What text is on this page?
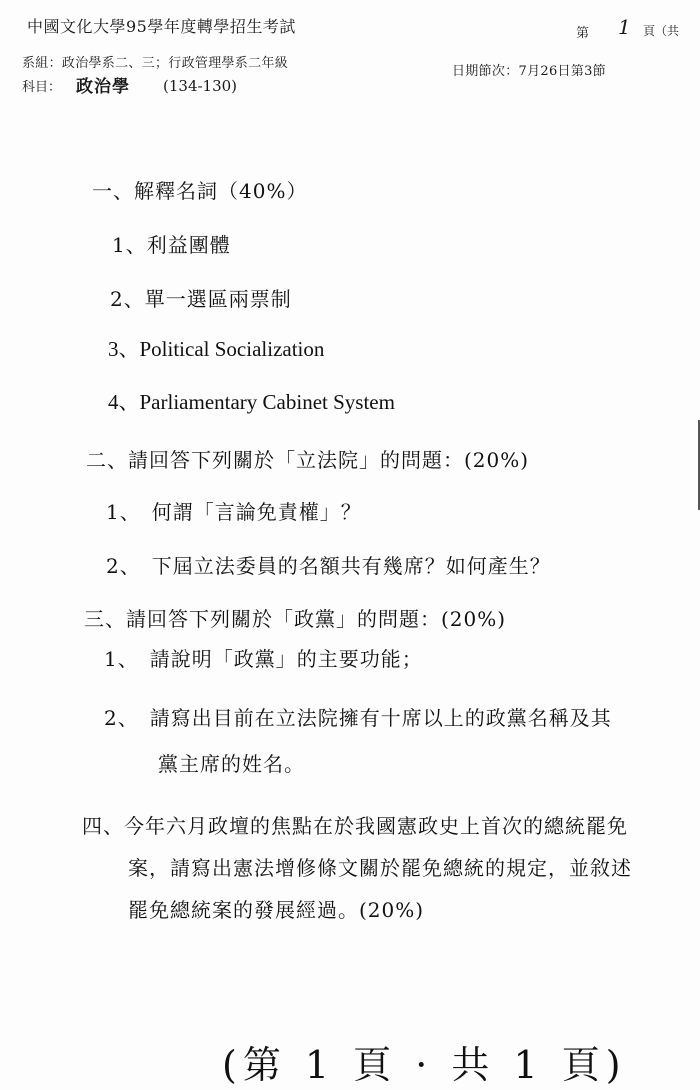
中國文化大學95學年度轉學招生考試
系組：政治學系二、三；行政管理學系二年級
科目： 政治學 (134-130)
第 1 頁（共
日期節次：7月26日第3節
一、解釋名詞（40%）
1、利益團體
2、單一選區兩票制
3、Political Socialization
4、Parliamentary Cabinet System
二、請回答下列關於「立法院」的問題：(20%)
1、　何謂「言論免責權」？
2、　下屆立法委員的名額共有幾席？如何產生？
三、請回答下列關於「政黨」的問題：(20%)
1、　請說明「政黨」的主要功能；
2、　請寫出目前在立法院擁有十席以上的政黨名稱及其
黨主席的姓名。
四、今年六月政壇的焦點在於我國憲政史上首次的總統罷免
案，請寫出憲法增修條文關於罷免總統的規定，並敘述
罷免總統案的發展經過。(20%)
(第 1 頁 · 共 1 頁)
